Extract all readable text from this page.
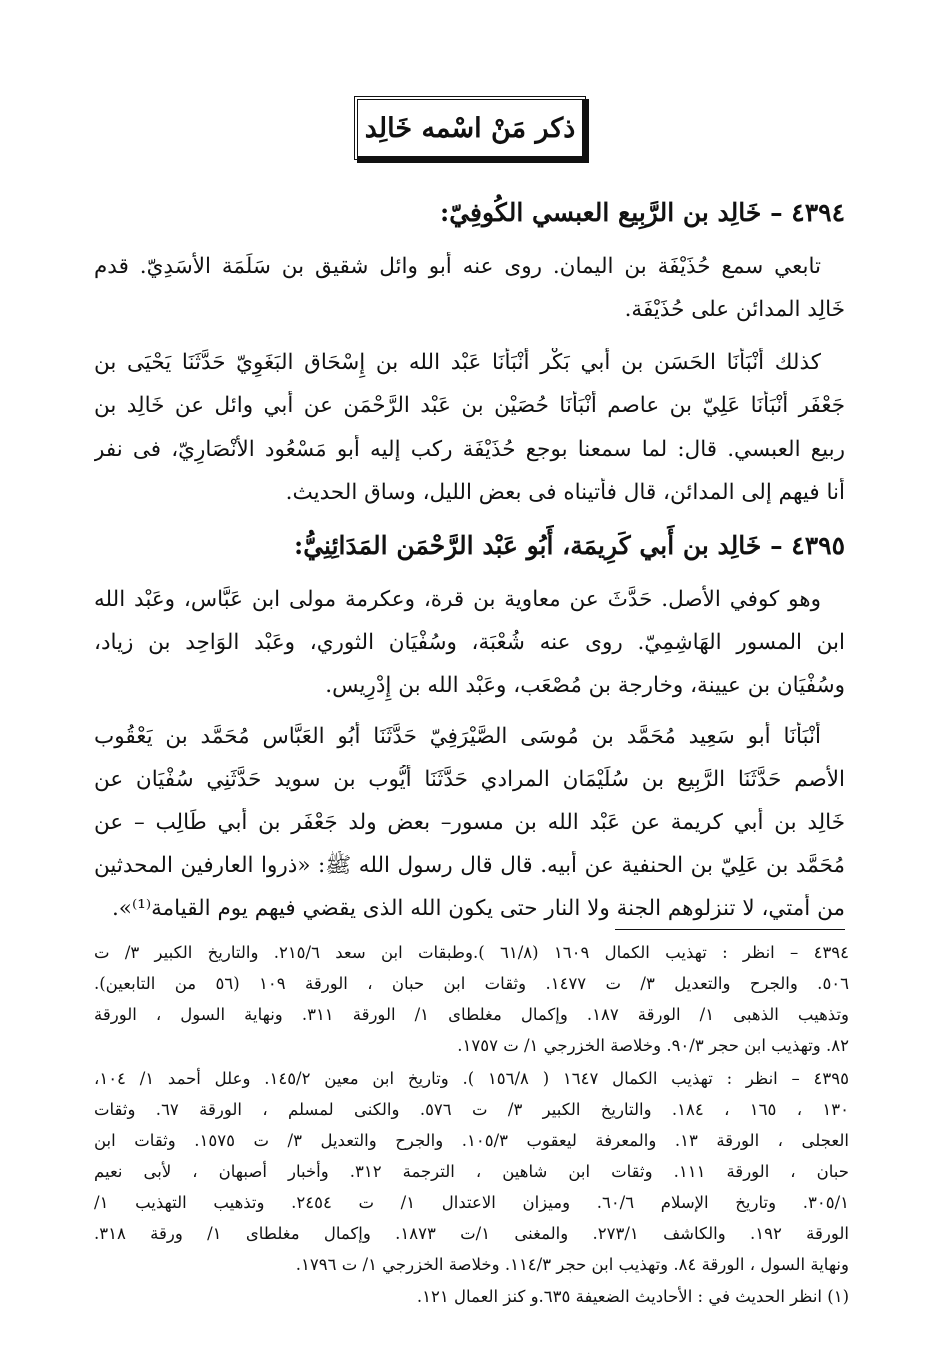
ذكر مَنْ اسْمه خَالِد
٤٣٩٤ – خَالِد بن الرَّبِيع العبسي الكُوفِيّ:
تابعي سمع حُذَيْفَة بن اليمان. روى عنه أَبو وائل شقيق بن سَلَمَة الأَسَدِيّ. قدم
خَالِد المدائن على حُذَيْفَة.
كذلك أَنْبَأَنَا الحَسَن بن أَبي بَكْر أَنْبَأَنَا عَبْد الله بن إِسْحَاق البَغَوِيّ حَدَّثَنَا يَحْيَى بن
جَعْفَر أَنْبَأَنَا عَلِيّ بن عاصم أَنْبَأَنَا حُصَيْن بن عَبْد الرَّحْمَن عن أَبي وائل عن خَالِد بن
ربيع العبسي. قال: لما سمعنا بوجع حُذَيْفَة ركب إليه أَبو مَسْعُود الأَنْصَارِيّ، فى نفر
أنا فيهم إلى المدائن، قال فأتيناه فى بعض الليل، وساق الحديث.
٤٣٩٥ – خَالِد بن أَبي كَرِيمَة، أَبُو عَبْد الرَّحْمَن المَدَائِنِيُّ:
وهو كوفي الأصل. حَدَّثَ عن معاوية بن قرة، وعكرمة مولى ابن عَبَّاس، وعَبْد الله
ابن المسور الهَاشِمِيّ. روى عنه شُعْبَة، وسُفْيَان الثوري، وعَبْد الوَاحِد بن زياد،
وسُفْيَان بن عيينة، وخارجة بن مُصْعَب، وعَبْد الله بن إِدْرِيس.
أَنْبَأَنَا أَبو سَعِيد مُحَمَّد بن مُوسَى الصَّيْرَفِيّ حَدَّثَنَا أَبُو العَبَّاس مُحَمَّد بن يَعْقُوب
الأصم حَدَّثَنَا الرَّبِيع بن سُلَيْمَان المرادي حَدَّثَنَا أَيُّوب بن سويد حَدَّثَنِي سُفْيَان عن
خَالِد بن أَبي كريمة عن عَبْد الله بن مسور– بعض ولد جَعْفَر بن أَبي طَالِب – عن
مُحَمَّد بن عَلِيّ بن الحنفية عن أبيه. قال قال رسول الله ﷺ: «ذروا العارفين المحدثين
من أمتي، لا تنزلوهم الجنة ولا النار حتى يكون الله الذى يقضي فيهم يوم القيامة⁽¹⁾».
٤٣٩٤ – انظر : تهذيب الكمال ١٦٠٩ (٦١/٨ ).وطبقات ابن سعد ٢١٥/٦. والتاريخ الكبير ٣/ ت
٥٠٦. والجرح والتعديل ٣/ ت ١٤٧٧. وثقات ابن حبان ، الورقة ١٠٩ (٥٦ من التابعين).
وتذهيب الذهبى ١/ الورقة ١٨٧. وإكمال مغلطاى ١/ الورقة ٣١١. ونهاية السول ، الورقة
٨٢. وتهذيب ابن حجر ٩٠/٣. وخلاصة الخزرجي ١/ ت ١٧٥٧.
٤٣٩٥ – انظر : تهذيب الكمال ١٦٤٧ ( ١٥٦/٨ ). وتاريخ ابن معين ١٤٥/٢. وعلل أحمد ١/ ١٠٤،
١٣٠ ، ١٦٥ ، ١٨٤. والتاريخ الكبير ٣/ ت ٥٧٦. والكنى لمسلم ، الورقة ٦٧. وثقات
العجلى ، الورقة ١٣. والمعرفة ليعقوب ١٠٥/٣. والجرح والتعديل ٣/ ت ١٥٧٥. وثقات ابن
حبان ، الورقة ١١١. وثقات ابن شاهين ، الترجمة ٣١٢. وأخبار أصبهان ، لأبى نعيم
٣٠٥/١. وتاريخ الإسلام ٦٠/٦. وميزان الاعتدال ١/ ت ٢٤٥٤. وتذهيب التهذيب ١/
الورقة ١٩٢. والكاشف ٢٧٣/١. والمغنى ١/ت ١٨٧٣. وإكمال مغلطاى ١/ ورقة ٣١٨.
ونهاية السول ، الورقة ٨٤. وتهذيب ابن حجر ١١٤/٣. وخلاصة الخزرجي ١/ ت ١٧٩٦.
(١) انظر الحديث في : الأحاديث الضعيفة ٦٣٥.و كنز العمال ١٢١.
